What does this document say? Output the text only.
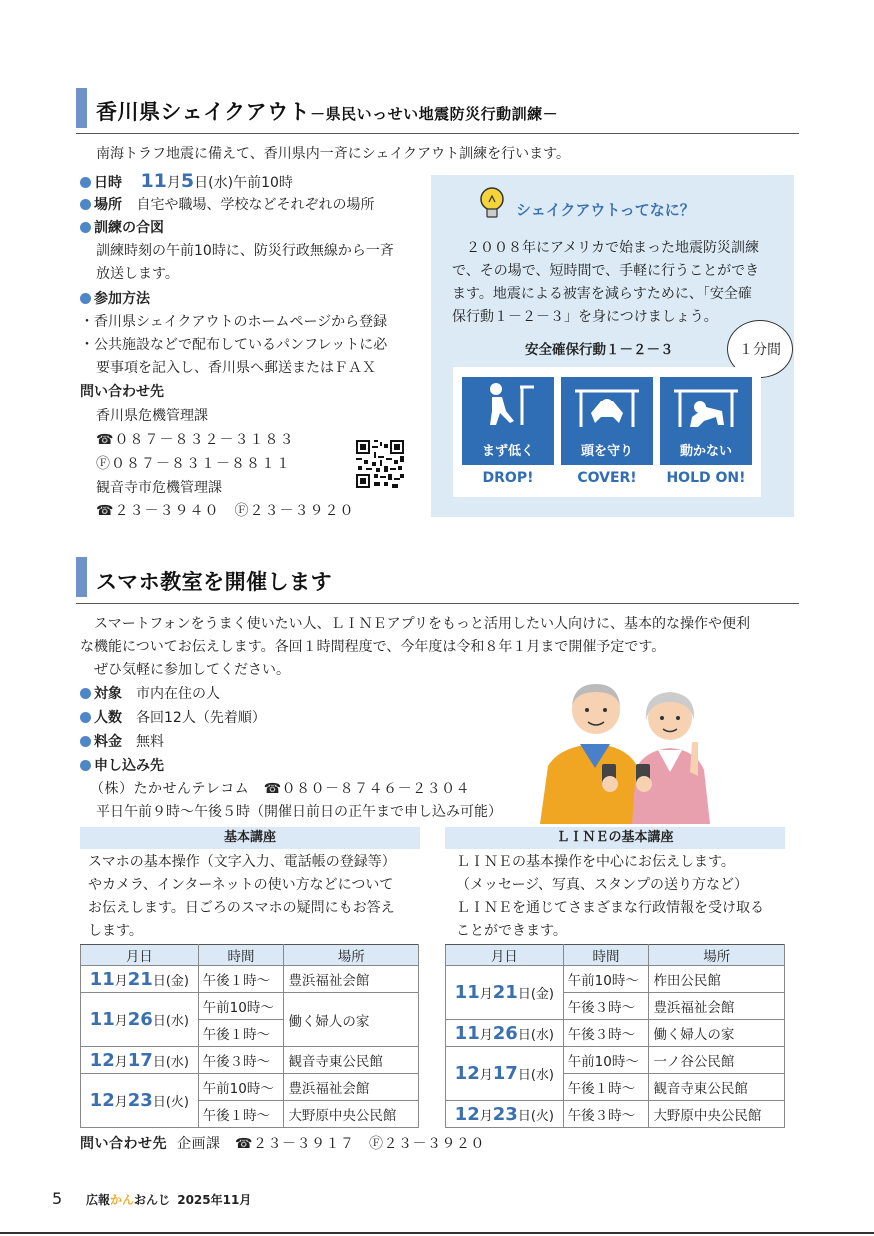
香川県シェイクアウト－県民いっせい地震防災行動訓練－
南海トラフ地震に備えて、香川県内一斉にシェイクアウト訓練を行います。
日時 11月5日(水)午前10時
場所 自宅や職場、学校などそれぞれの場所
訓練の合図
訓練時刻の午前10時に、防災行政無線から一斉
放送します。
参加方法
・香川県シェイクアウトのホームページから登録
・公共施設などで配布しているパンフレットに必
要事項を記入し、香川県へ郵送またはＦＡＸ
問い合わせ先
香川県危機管理課
☎０８７－８３２－３１８３
Ⓕ０８７－８３１－８８１１
観音寺市危機管理課
☎２３－３９４０　Ⓕ２３－３９２０
シェイクアウトってなに？
　２００８年にアメリカで始まった地震防災訓練
で、その場で、短時間で、手軽に行うことができ
ます。地震による被害を減らすために、「安全確
保行動１－２－３」を身につけましょう。
安全確保行動１－２－３	１分間
まず低く	頭を守り	動かない
DROP!	COVER!	HOLD ON!
スマホ教室を開催します
　スマートフォンをうまく使いたい人、ＬＩＮＥアプリをもっと活用したい人向けに、基本的な操作や便利
な機能についてお伝えします。各回１時間程度で、今年度は令和８年１月まで開催予定です。
　ぜひ気軽に参加してください。
対象 市内在住の人
人数 各回12人（先着順）
料金 無料
申し込み先
（株）たかせんテレコム　☎０８０－８７４６－２３０４
平日午前９時～午後５時（開催日前日の正午まで申し込み可能）
基本講座	ＬＩＮＥの基本講座
スマホの基本操作（文字入力、電話帳の登録等）
やカメラ、インターネットの使い方などについて
お伝えします。日ごろのスマホの疑問にもお答え
します。
ＬＩＮＥの基本操作を中心にお伝えします。
（メッセージ、写真、スタンプの送り方など）
ＬＩＮＥを通じてさまざまな行政情報を受け取る
ことができます。
月日	時間	場所
11月21日(金)	午後１時～	豊浜福祉会館
11月26日(水)	午前10時～	働く婦人の家
	午後１時～	
12月17日(水)	午後３時～	観音寺東公民館
12月23日(火)	午前10時～	豊浜福祉会館
	午後１時～	大野原中央公民館
月日	時間	場所
11月21日(金)	午前10時～	柞田公民館
	午後３時～	豊浜福祉会館
11月26日(水)	午後３時～	働く婦人の家
12月17日(水)	午前10時～	一ノ谷公民館
	午後１時～	観音寺東公民館
12月23日(火)	午後３時～	大野原中央公民館
問い合わせ先 企画課　☎２３－３９１７　Ⓕ２３－３９２０
5 広報かんおんじ 2025年11月
